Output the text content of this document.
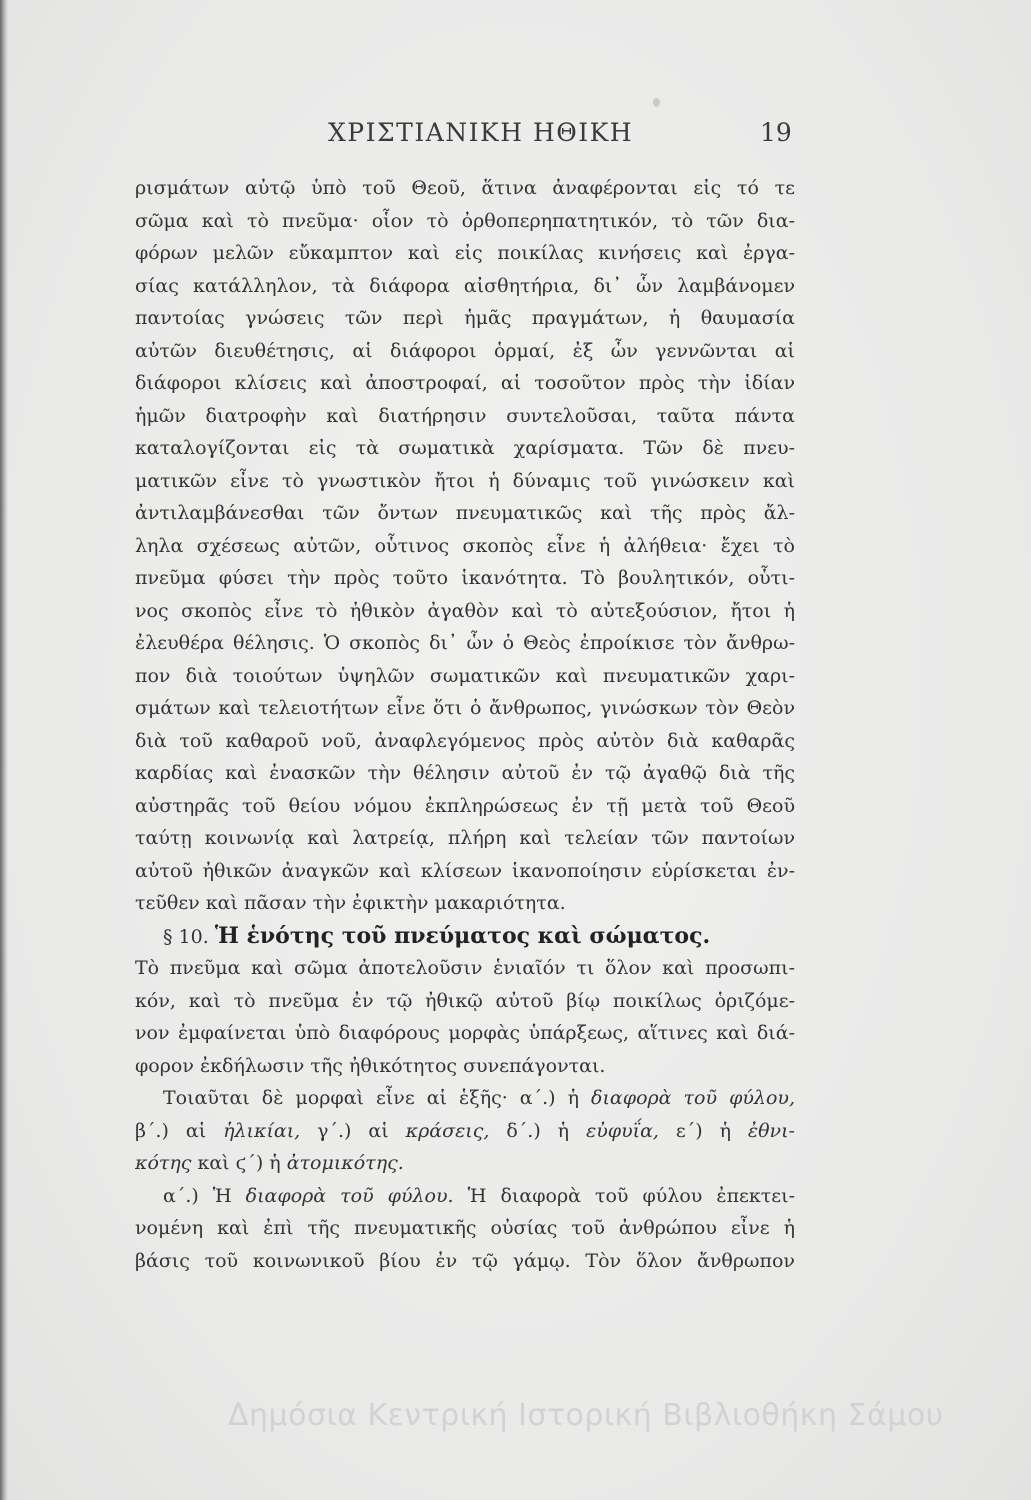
ΧΡΙΣΤΙΑΝΙΚΗ ΗΘΙΚΗ	19
ρισμάτων αὐτῷ ὑπὸ τοῦ Θεοῦ, ἅτινα ἀναφέρονται εἰς τό τε
σῶμα καὶ τὸ πνεῦμα· οἷον τὸ ὀρθοπερηπατητικόν, τὸ τῶν δια-
φόρων μελῶν εὔκαμπτον καὶ εἰς ποικίλας κινήσεις καὶ ἐργα-
σίας κατάλληλον, τὰ διάφορα αἰσθητήρια, δι᾽ ὧν λαμβάνομεν
παντοίας γνώσεις τῶν περὶ ἡμᾶς πραγμάτων, ἡ θαυμασία
αὐτῶν διευθέτησις, αἱ διάφοροι ὁρμαί, ἐξ ὧν γεννῶνται αἱ
διάφοροι κλίσεις καὶ ἀποστροφαί, αἱ τοσοῦτον πρὸς τὴν ἰδίαν
ἡμῶν διατροφὴν καὶ διατήρησιν συντελοῦσαι, ταῦτα πάντα
καταλογίζονται εἰς τὰ σωματικὰ χαρίσματα. Τῶν δὲ πνευ-
ματικῶν εἶνε τὸ γνωστικὸν ἤτοι ἡ δύναμις τοῦ γινώσκειν καὶ
ἀντιλαμβάνεσθαι τῶν ὄντων πνευματικῶς καὶ τῆς πρὸς ἄλ-
ληλα σχέσεως αὐτῶν, οὗτινος σκοπὸς εἶνε ἡ ἀλήθεια· ἔχει τὸ
πνεῦμα φύσει τὴν πρὸς τοῦτο ἱκανότητα. Τὸ βουλητικόν, οὗτι-
νος σκοπὸς εἶνε τὸ ἠθικὸν ἀγαθὸν καὶ τὸ αὐτεξούσιον, ἤτοι ἡ
ἐλευθέρα θέλησις. Ὁ σκοπὸς δι᾽ ὧν ὁ Θεὸς ἐπροίκισε τὸν ἄνθρω-
πον διὰ τοιούτων ὑψηλῶν σωματικῶν καὶ πνευματικῶν χαρι-
σμάτων καὶ τελειοτήτων εἶνε ὅτι ὁ ἄνθρωπος, γινώσκων τὸν Θεὸν
διὰ τοῦ καθαροῦ νοῦ, ἀναφλεγόμενος πρὸς αὐτὸν διὰ καθαρᾶς
καρδίας καὶ ἐνασκῶν τὴν θέλησιν αὐτοῦ ἐν τῷ ἀγαθῷ διὰ τῆς
αὐστηρᾶς τοῦ θείου νόμου ἐκπληρώσεως ἐν τῇ μετὰ τοῦ Θεοῦ
ταύτῃ κοινωνίᾳ καὶ λατρείᾳ, πλήρη καὶ τελείαν τῶν παντοίων
αὐτοῦ ἠθικῶν ἀναγκῶν καὶ κλίσεων ἱκανοποίησιν εὑρίσκεται ἐν-
τεῦθεν καὶ πᾶσαν τὴν ἐφικτὴν μακαριότητα.
§ 10. Ἡ ἑνότης τοῦ πνεύματος καὶ σώματος.
Τὸ πνεῦμα καὶ σῶμα ἀποτελοῦσιν ἑνιαῖόν τι ὅλον καὶ προσωπι-
κόν, καὶ τὸ πνεῦμα ἐν τῷ ἠθικῷ αὐτοῦ βίῳ ποικίλως ὁριζόμε-
νον ἐμφαίνεται ὑπὸ διαφόρους μορφὰς ὑπάρξεως, αἵτινες καὶ διά-
φορον ἐκδήλωσιν τῆς ἠθικότητος συνεπάγονται.
Τοιαῦται δὲ μορφαὶ εἶνε αἱ ἑξῆς· α΄.) ἡ διαφορὰ τοῦ φύλου,
β΄.) αἱ ἡλικίαι, γ΄.) αἱ κράσεις, δ΄.) ἡ εὐφυΐα, ε΄) ἡ ἐθνι-
κότης καὶ ϛ΄) ἡ ἀτομικότης.
α΄.) Ἡ διαφορὰ τοῦ φύλου. Ἡ διαφορὰ τοῦ φύλου ἐπεκτει-
νομένη καὶ ἐπὶ τῆς πνευματικῆς οὐσίας τοῦ ἀνθρώπου εἶνε ἡ
βάσις τοῦ κοινωνικοῦ βίου ἐν τῷ γάμῳ. Τὸν ὅλον ἄνθρωπον
Δημόσια Κεντρική Ιστορική Βιβλιοθήκη Σάμου
